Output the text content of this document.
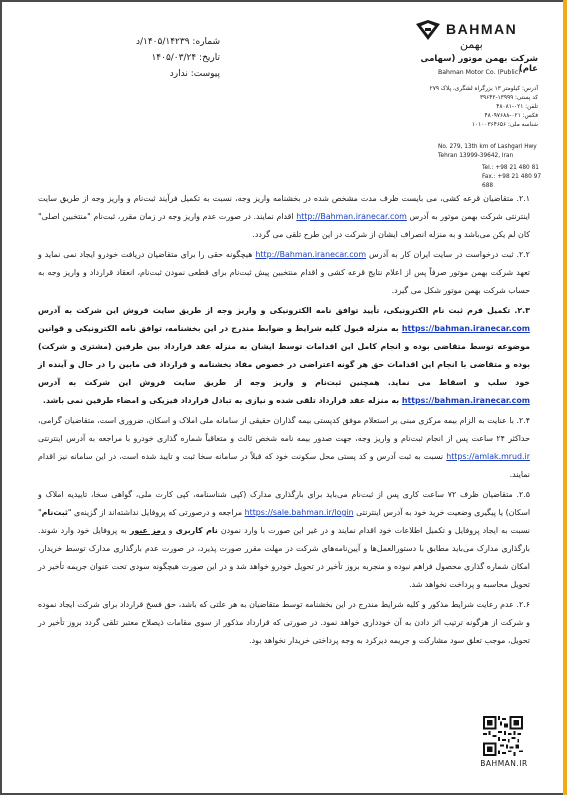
BAHMAN
بهمن
شرکت بهمن موتور (سهامی عام)
Bahman Motor Co. (Public)
آدرس: کیلومتر ۱۳ بزرگراه لشگری، پلاک ۲۷۹
کد پستی: ۱۳۹۹۹-۳۹۶۴۲
تلفن: ۰۲۱-۴۸۰۸۱
فکس: ۰۲۱-۴۸۰۹۷۶۸۸
شناسه ملی: ۱۰۱۰۰۳۶۴۶۵۶
No. 279, 13th km of Lashgari Hwy
Tehran 13999-39642, Iran
Tel.: +98 21 480 81
Fax.: +98 21 480 97 688
شماره: ۱۴۰۵/۱۴۲۳۹/د
تاریخ: ۱۴۰۵/۰۳/۲۴
پیوست: ندارد

۲.۱. متقاضیان قرعه کشی، می بایست ظرف مدت مشخص شده در بخشنامه واریز وجه، نسبت به تکمیل فرآیند ثبت‌نام و واریز وجه از طریق سایت اینترنتی شرکت بهمن موتور به آدرس http://Bahman.iranecar.com اقدام نمایند. در صورت عدم واریز وجه در زمان مقرر، ثبت‌نام "منتخبین اصلی" کان لم یکن می‌باشد و به منزله انصراف ایشان از شرکت در این طرح تلقی می گردد.

۲.۲. ثبت درخواست در سایت ایران کار به آدرس http://Bahman.iranecar.com هیچگونه حقی را برای متقاضیان دریافت خودرو ایجاد نمی نماید و تعهد شرکت بهمن موتور صرفاً پس از اعلام نتایج قرعه کشی و اقدام منتخبین پیش ثبت‌نام برای قطعی نمودن ثبت‌نام، انعقاد قرارداد و واریز وجه به حساب شرکت بهمن موتور شکل می گیرد.

۲.۳. تکمیل فرم ثبت نام الکترونیکی، تأیید توافق نامه الکترونیکی و واریز وجه از طریق سایت فروش این شرکت به آدرس https://bahman.iranecar.com به منزله قبول کلیه شرایط و ضوابط مندرج در این بخشنامه، توافق نامه الکترونیکی و قوانین موضوعه توسط متقاضی بوده و انجام کامل این اقدامات توسط ایشان به منزله عقد قرارداد بین طرفین (مشتری و شرکت) بوده و متقاضی با انجام این اقدامات حق هر گونه اعتراضی در خصوص مفاد بخشنامه و قرارداد فی مابین را در حال و آینده از خود سلب و اسقاط می نماید. همچنین ثبت‌نام و واریز وجه از طریق سایت فروش این شرکت به آدرس https://bahman.iranecar.com به منزله عقد قرارداد تلقی شده و نیازی به تبادل قرارداد فیزیکی و امضاء طرفین نمی باشد.

۲.۴. با عنایت به الزام بیمه مرکزی مبنی بر استعلام موفق کدپستی بیمه گذاران حقیقی از سامانه ملی املاک و اسکان، ضروری است، متقاضیان گرامی، حداکثر ۲۴ ساعت پس از انجام ثبت‌نام و واریز وجه، جهت صدور بیمه نامه شخص ثالث و متعاقباً شماره گذاری خودرو با مراجعه به آدرس اینترنتی https://amlak.mrud.ir نسبت به ثبت آدرس و کد پستی محل سکونت خود که قبلاً در سامانه سخا ثبت و تایید شده است، در این سامانه نیز اقدام نمایند.

۲.۵. متقاضیان ظرف ۷۲ ساعت کاری پس از ثبت‌نام می‌باید برای بارگذاری مدارک (کپی شناسنامه، کپی کارت ملی، گواهی سخا، تاییدیه املاک و اسکان) یا پیگیری وضعیت خرید خود به آدرس اینترنتی https://sale.bahman.ir/login مراجعه و درصورتی که پروفایل نداشته‌اند از گزینه‌ی "ثبت‌نام" نسبت به ایجاد پروفایل و تکمیل اطلاعات خود اقدام نمایند و در غیر این صورت با وارد نمودن نام کاربری و رمز عبور به پروفایل خود وارد شوند. بارگذاری مدارک می‌باید مطابق با دستورالعمل‌ها و آیین‌نامه‌های شرکت در مهلت مقرر صورت پذیرد، در صورت عدم بارگذاری مدارک توسط خریدار، امکان شماره گذاری محصول فراهم نبوده و منجربه بروز تأخیر در تحویل خودرو خواهد شد و در این صورت هیچگونه سودی تحت عنوان جریمه تأخیر در تحویل محاسبه و پرداخت نخواهد شد.

۲.۶. عدم رعایت شرایط مذکور و کلیه شرایط مندرج در این بخشنامه توسط متقاضیان به هر علتی که باشد، حق فسخ قرارداد برای شرکت ایجاد نموده و شرکت از هرگونه ترتیب اثر دادن به آن خودداری خواهد نمود. در صورتی که قرارداد مذکور از سوی مقامات ذیصلاح معتبر تلقی گردد بروز تأخیر در تحویل، موجب تعلق سود مشارکت و جریمه دیرکرد به وجه پرداختی خریدار نخواهد بود.

BAHMAN.IR
